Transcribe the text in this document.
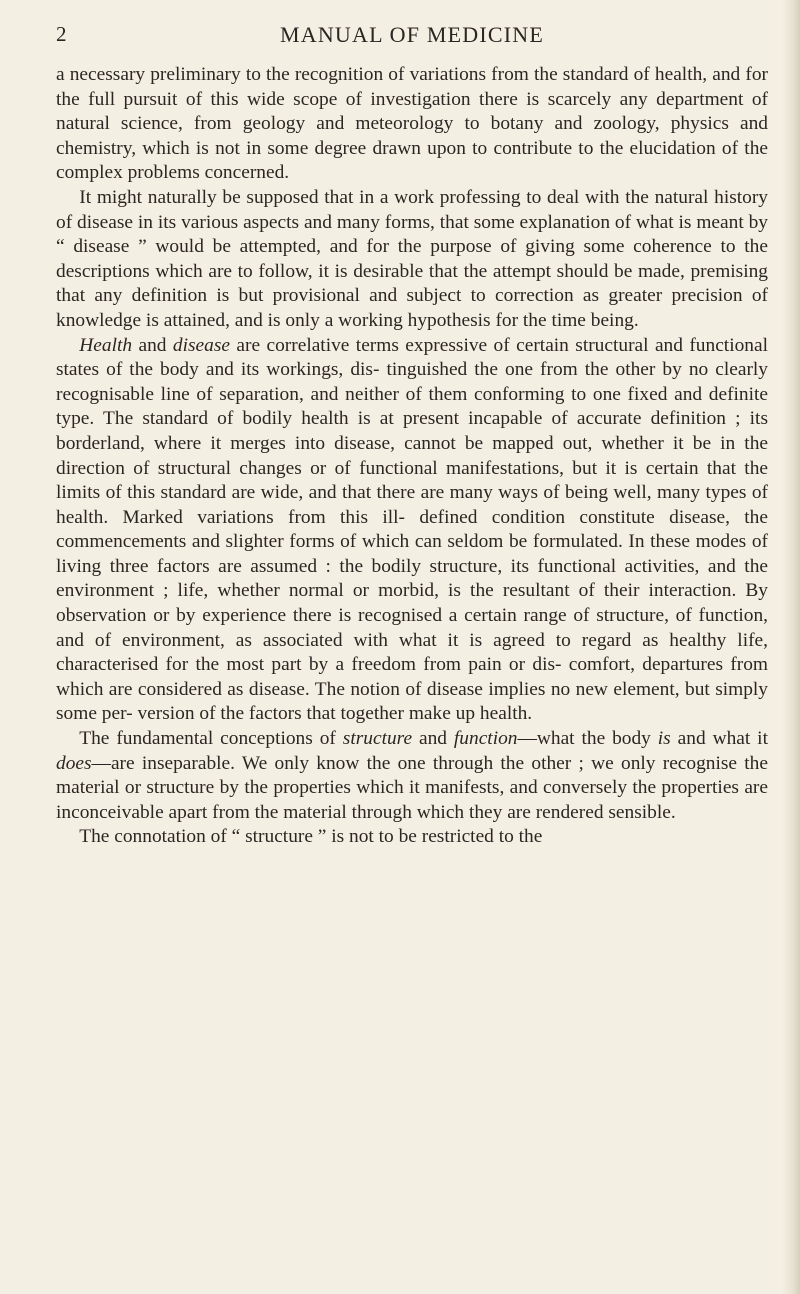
2	MANUAL OF MEDICINE

a necessary preliminary to the recognition of variations from the standard of health, and for the full pursuit of this wide scope of investigation there is scarcely any department of natural science, from geology and meteorology to botany and zoology, physics and chemistry, which is not in some degree drawn upon to contribute to the elucidation of the complex problems concerned.

It might naturally be supposed that in a work professing to deal with the natural history of disease in its various aspects and many forms, that some explanation of what is meant by “ disease ” would be attempted, and for the purpose of giving some coherence to the descriptions which are to follow, it is desirable that the attempt should be made, premising that any definition is but provisional and subject to correction as greater precision of knowledge is attained, and is only a working hypothesis for the time being.

Health and disease are correlative terms expressive of certain structural and functional states of the body and its workings, dis- tinguished the one from the other by no clearly recognisable line of separation, and neither of them conforming to one fixed and definite type. The standard of bodily health is at present incapable of accurate definition ; its borderland, where it merges into disease, cannot be mapped out, whether it be in the direction of structural changes or of functional manifestations, but it is certain that the limits of this standard are wide, and that there are many ways of being well, many types of health. Marked variations from this ill- defined condition constitute disease, the commencements and slighter forms of which can seldom be formulated. In these modes of living three factors are assumed : the bodily structure, its functional activities, and the environment ; life, whether normal or morbid, is the resultant of their interaction. By observation or by experience there is recognised a certain range of structure, of function, and of environment, as associated with what it is agreed to regard as healthy life, characterised for the most part by a freedom from pain or dis- comfort, departures from which are considered as disease. The notion of disease implies no new element, but simply some per- version of the factors that together make up health.

The fundamental conceptions of structure and function—what the body is and what it does—are inseparable. We only know the one through the other ; we only recognise the material or structure by the properties which it manifests, and conversely the properties are inconceivable apart from the material through which they are rendered sensible.

The connotation of “ structure ” is not to be restricted to the
